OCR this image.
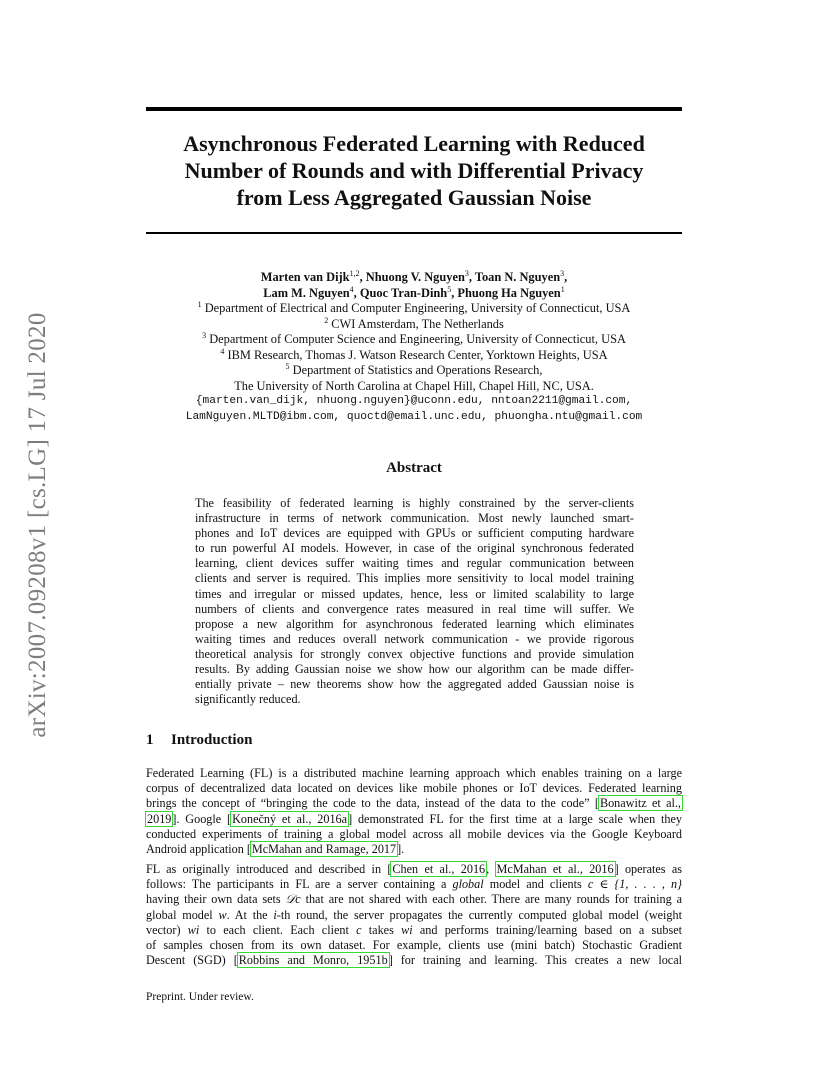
arXiv:2007.09208v1 [cs.LG] 17 Jul 2020
Asynchronous Federated Learning with Reduced
Number of Rounds and with Differential Privacy
from Less Aggregated Gaussian Noise
Marten van Dijk$^{1,2}$, Nhuong V. Nguyen$^3$, Toan N. Nguyen$^3$,
Lam M. Nguyen$^4$, Quoc Tran-Dinh$^5$, Phuong Ha Nguyen$^1$
$^1$ Department of Electrical and Computer Engineering, University of Connecticut, USA
$^2$ CWI Amsterdam, The Netherlands
$^3$ Department of Computer Science and Engineering, University of Connecticut, USA
$^4$ IBM Research, Thomas J. Watson Research Center, Yorktown Heights, USA
$^5$ Department of Statistics and Operations Research,
The University of North Carolina at Chapel Hill, Chapel Hill, NC, USA.
{marten.van_dijk, nhuong.nguyen}@uconn.edu, nntoan2211@gmail.com,
LamNguyen.MLTD@ibm.com, quoctd@email.unc.edu, phuongha.ntu@gmail.com
Abstract
The feasibility of federated learning is highly constrained by the server-clients
infrastructure in terms of network communication. Most newly launched smart-
phones and IoT devices are equipped with GPUs or sufficient computing hardware
to run powerful AI models. However, in case of the original synchronous federated
learning, client devices suffer waiting times and regular communication between
clients and server is required. This implies more sensitivity to local model training
times and irregular or missed updates, hence, less or limited scalability to large
numbers of clients and convergence rates measured in real time will suffer. We
propose a new algorithm for asynchronous federated learning which eliminates
waiting times and reduces overall network communication - we provide rigorous
theoretical analysis for strongly convex objective functions and provide simulation
results. By adding Gaussian noise we show how our algorithm can be made differ-
entially private – new theorems show how the aggregated added Gaussian noise is
significantly reduced.
1 Introduction
Federated Learning (FL) is a distributed machine learning approach which enables training on a large
corpus of decentralized data located on devices like mobile phones or IoT devices. Federated learning
brings the concept of “bringing the code to the data, instead of the data to the code” [Bonawitz et al.,
2019]. Google [Konečný et al., 2016a] demonstrated FL for the first time at a large scale when they
conducted experiments of training a global model across all mobile devices via the Google Keyboard
Android application [McMahan and Ramage, 2017].
FL as originally introduced and described in [Chen et al., 2016, McMahan et al., 2016] operates as
follows: The participants in FL are a server containing a global model and clients c ∈ {1, . . . , n}
having their own data sets 𝒟c that are not shared with each other. There are many rounds for training a
global model w. At the i-th round, the server propagates the currently computed global model (weight
vector) wi to each client. Each client c takes wi and performs training/learning based on a subset
of samples chosen from its own dataset. For example, clients use (mini batch) Stochastic Gradient
Descent (SGD) [Robbins and Monro, 1951b] for training and learning. This creates a new local
Preprint. Under review.
